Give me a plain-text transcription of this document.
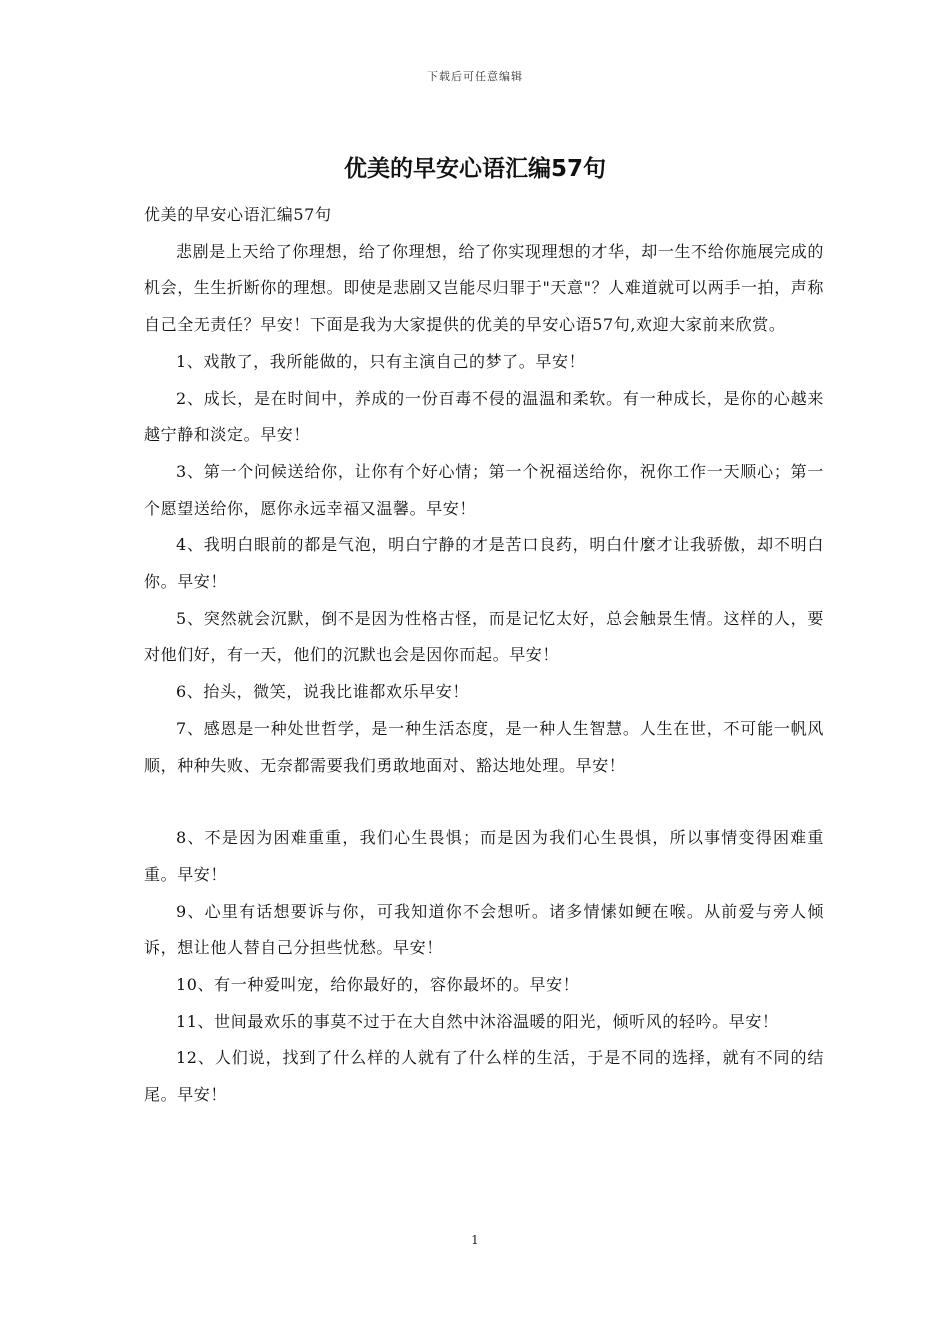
下载后可任意编辑
优美的早安心语汇编57句

优美的早安心语汇编57句

悲剧是上天给了你理想，给了你理想，给了你实现理想的才华，却一生不给你施展完成的机会，生生折断你的理想。即使是悲剧又岂能尽归罪于"天意"？人难道就可以两手一拍，声称自己全无责任？早安！下面是我为大家提供的优美的早安心语57句,欢迎大家前来欣赏。

1、戏散了，我所能做的，只有主演自己的梦了。早安！

2、成长，是在时间中，养成的一份百毒不侵的温温和柔软。有一种成长，是你的心越来越宁静和淡定。早安！

3、第一个问候送给你，让你有个好心情；第一个祝福送给你，祝你工作一天顺心；第一个愿望送给你，愿你永远幸福又温馨。早安！

4、我明白眼前的都是气泡，明白宁静的才是苦口良药，明白什麼才让我骄傲，却不明白你。早安！

5、突然就会沉默，倒不是因为性格古怪，而是记忆太好，总会触景生情。这样的人，要对他们好，有一天，他们的沉默也会是因你而起。早安！

6、抬头，微笑，说我比谁都欢乐早安！

7、感恩是一种处世哲学，是一种生活态度，是一种人生智慧。人生在世，不可能一帆风顺，种种失败、无奈都需要我们勇敢地面对、豁达地处理。早安！

8、不是因为困难重重，我们心生畏惧；而是因为我们心生畏惧，所以事情变得困难重重。早安！

9、心里有话想要诉与你，可我知道你不会想听。诸多情愫如鲠在喉。从前爱与旁人倾诉，想让他人替自己分担些忧愁。早安！

10、有一种爱叫宠，给你最好的，容你最坏的。早安！

11、世间最欢乐的事莫不过于在大自然中沐浴温暖的阳光，倾听风的轻吟。早安！

12、人们说，找到了什么样的人就有了什么样的生活，于是不同的选择，就有不同的结尾。早安！

1
